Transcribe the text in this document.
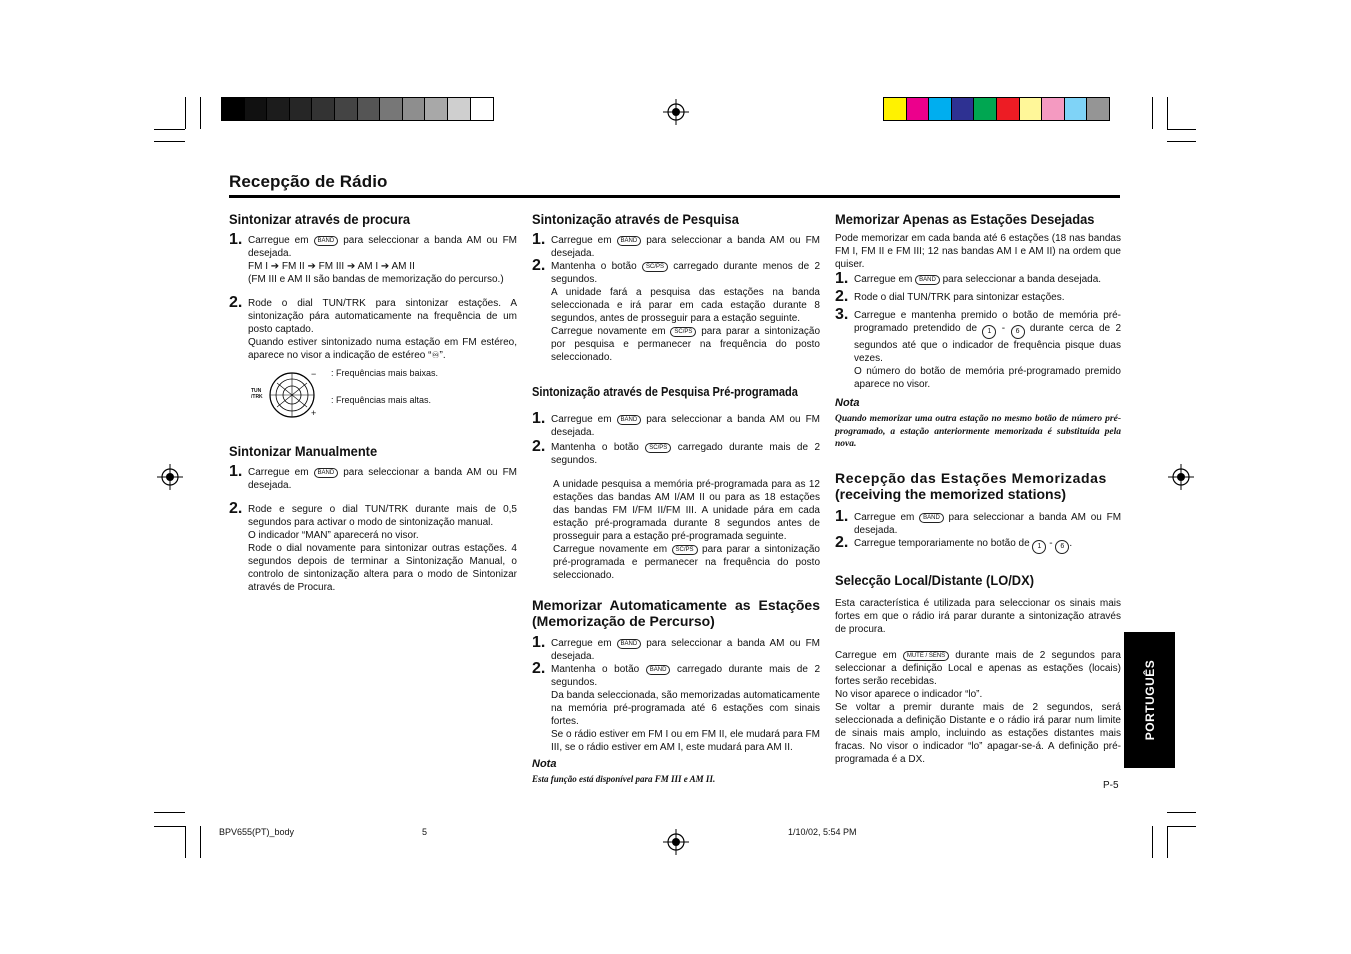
Recepção de Rádio
Sintonizar através de procura
1. Carregue em BAND para seleccionar a banda AM ou FM desejada.
FM I ➔ FM II ➔ FM III ➔ AM I ➔ AM II
(FM III e AM II são bandas de memorização do percurso.)
2. Rode o dial TUN/TRK para sintonizar estações. A sintonização pára automaticamente na frequência de um posto captado.
Quando estiver sintonizado numa estação em FM estéreo, aparece no visor a indicação de estéreo “♾”.
TUN
/TRK
−
+
: Frequências mais baixas.
: Frequências mais altas.
Sintonizar Manualmente
1. Carregue em BAND para seleccionar a banda AM ou FM desejada.
2. Rode e segure o dial TUN/TRK durante mais de 0,5 segundos para activar o modo de sintonização manual.
O indicador “MAN” aparecerá no visor.
Rode o dial novamente para sintonizar outras estações. 4 segundos depois de terminar a Sintonização Manual, o controlo de sintonização altera para o modo de Sintonizar através de Procura.
Sintonização através de Pesquisa
1. Carregue em BAND para seleccionar a banda AM ou FM desejada.
2. Mantenha o botão SC/PS carregado durante menos de 2 segundos.
A unidade fará a pesquisa das estações na banda seleccionada e irá parar em cada estação durante 8 segundos, antes de prosseguir para a estação seguinte.
Carregue novamente em SC/PS para parar a sintonização por pesquisa e permanecer na frequência do posto seleccionado.
Sintonização através de Pesquisa Pré-programada
1. Carregue em BAND para seleccionar a banda AM ou FM desejada.
2. Mantenha o botão SC/PS carregado durante mais de 2 segundos.
A unidade pesquisa a memória pré-programada para as 12 estações das bandas AM I/AM II ou para as 18 estações das bandas FM I/FM II/FM III. A unidade pára em cada estação pré-programada durante 8 segundos antes de prosseguir para a estação pré-programada seguinte.
Carregue novamente em SC/PS para parar a sintonização pré-programada e permanecer na frequência do posto seleccionado.
Memorizar Automaticamente as Estações (Memorização de Percurso)
1. Carregue em BAND para seleccionar a banda AM ou FM desejada.
2. Mantenha o botão BAND carregado durante mais de 2 segundos.
Da banda seleccionada, são memorizadas automaticamente na memória pré-programada até 6 estações com sinais fortes.
Se o rádio estiver em FM I ou em FM II, ele mudará para FM III, se o rádio estiver em AM I, este mudará para AM II.
Nota
Esta função está disponível para FM III e AM II.
Memorizar Apenas as Estações Desejadas
Pode memorizar em cada banda até 6 estações (18 nas bandas FM I, FM II e FM III; 12 nas bandas AM I e AM II) na ordem que quiser.
1. Carregue em BAND para seleccionar a banda desejada.
2. Rode o dial TUN/TRK para sintonizar estações.
3. Carregue e mantenha premido o botão de memória pré-programado pretendido de 1 - 6 durante cerca de 2 segundos até que o indicador de frequência pisque duas vezes.
O número do botão de memória pré-programado premido aparece no visor.
Nota
Quando memorizar uma outra estação no mesmo botão de número pré-programado, a estação anteriormente memorizada é substituída pela nova.
Recepção das Estações Memorizadas
(receiving the memorized stations)
1. Carregue em BAND para seleccionar a banda AM ou FM desejada.
2. Carregue temporariamente no botão de 1 - 6 .
Selecção Local/Distante (LO/DX)
Esta característica é utilizada para seleccionar os sinais mais fortes em que o rádio irá parar durante a sintonização através de procura.
Carregue em MUTE / SENS durante mais de 2 segundos para seleccionar a definição Local e apenas as estações (locais) fortes serão recebidas.
No visor aparece o indicador “lo”.
Se voltar a premir durante mais de 2 segundos, será seleccionada a definição Distante e o rádio irá parar num limite de sinais mais amplo, incluindo as estações distantes mais fracas. No visor o indicador “lo” apagar-se-á. A definição pré-programada é a DX.
PORTUGUÊS
P-5
BPV655(PT)_body	5	1/10/02, 5:54 PM
